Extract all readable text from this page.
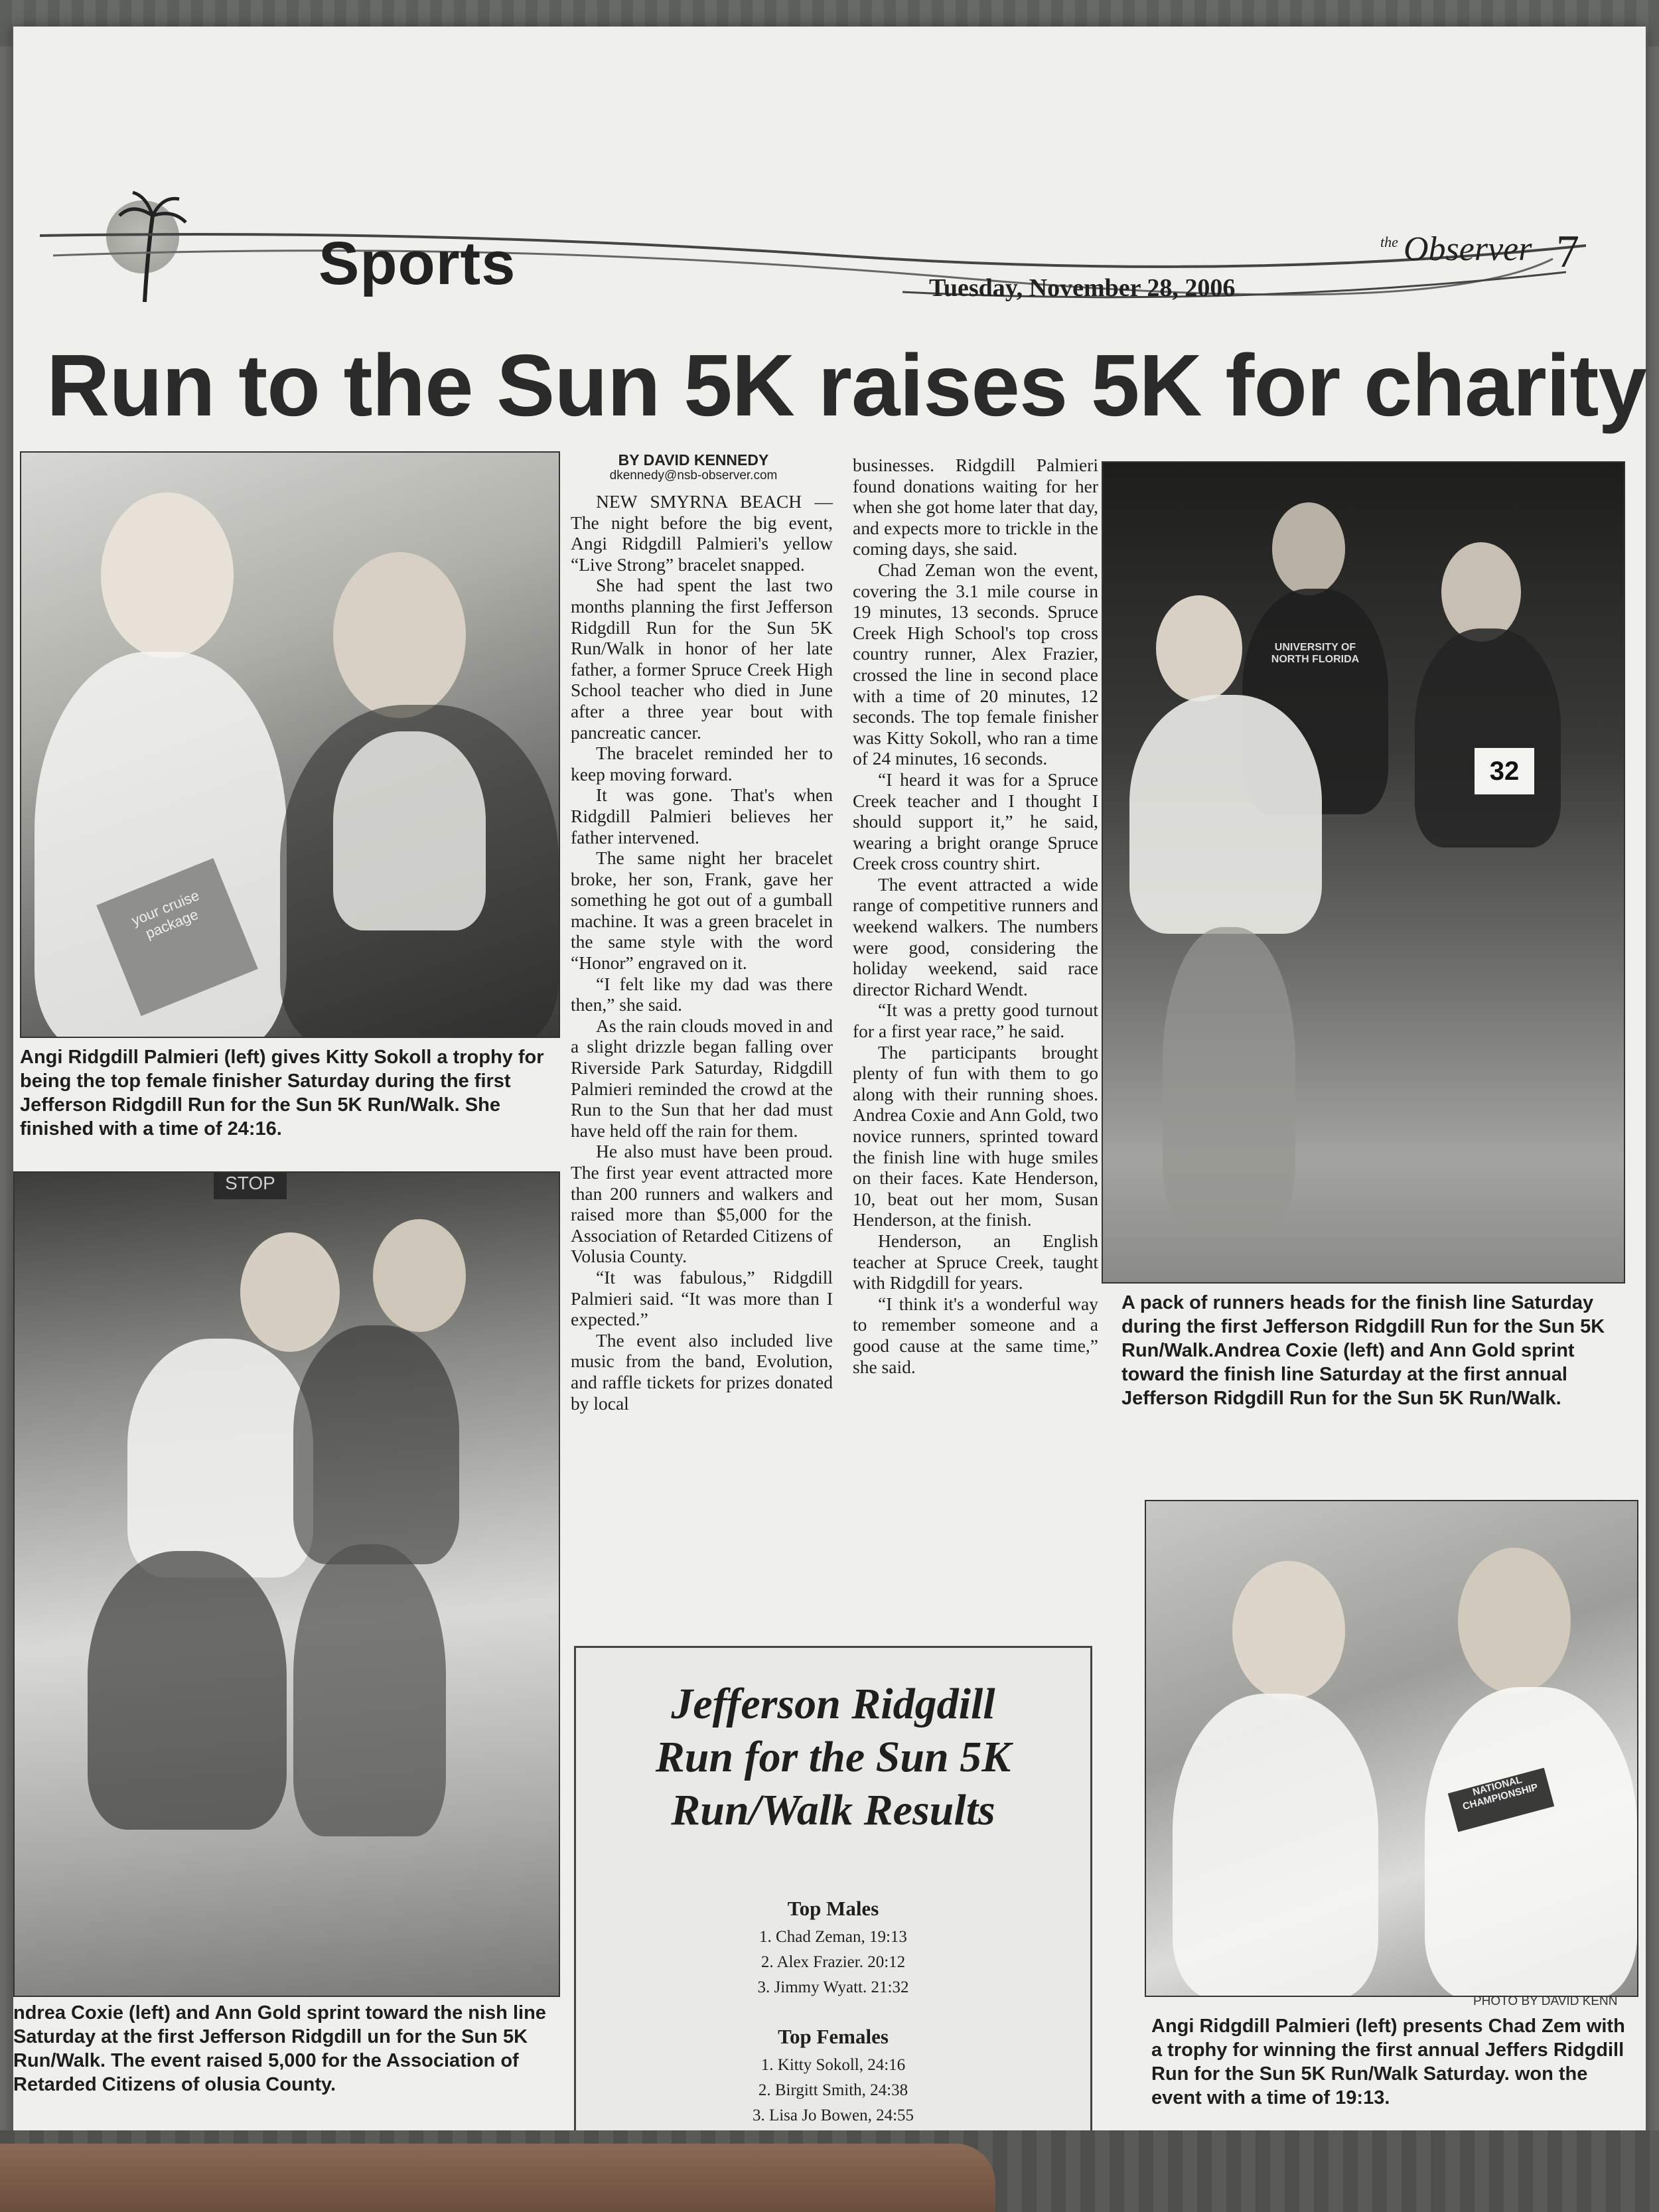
Sports	Tuesday, November 28, 2006
the Observer 7
Run to the Sun 5K raises 5K for charity
your cruise package
STOP
UNIVERSITY OF NORTH FLORIDA
32
NATIONAL CHAMPIONSHIP
Angi Ridgdill Palmieri (left) gives Kitty Sokoll a trophy for being the top female finisher Saturday during the first Jefferson Ridgdill Run for the Sun 5K Run/Walk. She finished with a time of 24:16.
ndrea Coxie (left) and Ann Gold sprint toward the nish line Saturday at the first Jefferson Ridgdill un for the Sun 5K Run/Walk. The event raised 5,000 for the Association of Retarded Citizens of olusia County.
A pack of runners heads for the finish line Saturday during the first Jefferson Ridgdill Run for the Sun 5K Run/Walk.Andrea Coxie (left) and Ann Gold sprint toward the finish line Saturday at the first annual Jefferson Ridgdill Run for the Sun 5K Run/Walk.
PHOTO BY DAVID KENN
Angi Ridgdill Palmieri (left) presents Chad Zem with a trophy for winning the first annual Jeffers Ridgdill Run for the Sun 5K Run/Walk Saturday. won the event with a time of 19:13.
BY DAVID KENNEDY
dkennedy@nsb-observer.com

NEW SMYRNA BEACH — The night before the big event, Angi Ridgdill Palmieri's yellow “Live Strong” bracelet snapped.

She had spent the last two months planning the first Jefferson Ridgdill Run for the Sun 5K Run/Walk in honor of her late father, a former Spruce Creek High School teacher who died in June after a three year bout with pancreatic cancer.

The bracelet reminded her to keep moving forward.

It was gone. That's when Ridgdill Palmieri believes her father intervened.

The same night her bracelet broke, her son, Frank, gave her something he got out of a gumball machine. It was a green bracelet in the same style with the word “Honor” engraved on it.

“I felt like my dad was there then,” she said.

As the rain clouds moved in and a slight drizzle began falling over Riverside Park Saturday, Ridgdill Palmieri reminded the crowd at the Run to the Sun that her dad must have held off the rain for them.

He also must have been proud. The first year event attracted more than 200 runners and walkers and raised more than $5,000 for the Association of Retarded Citizens of Volusia County.

“It was fabulous,” Ridgdill Palmieri said. “It was more than I expected.”

The event also included live music from the band, Evolution, and raffle tickets for prizes donated by local

businesses. Ridgdill Palmieri found donations waiting for her when she got home later that day, and expects more to trickle in the coming days, she said.

Chad Zeman won the event, covering the 3.1 mile course in 19 minutes, 13 seconds. Spruce Creek High School's top cross country runner, Alex Frazier, crossed the line in second place with a time of 20 minutes, 12 seconds. The top female finisher was Kitty Sokoll, who ran a time of 24 minutes, 16 seconds.

“I heard it was for a Spruce Creek teacher and I thought I should support it,” he said, wearing a bright orange Spruce Creek cross country shirt.

The event attracted a wide range of competitive runners and weekend walkers. The numbers were good, considering the holiday weekend, said race director Richard Wendt.

“It was a pretty good turnout for a first year race,” he said.

The participants brought plenty of fun with them to go along with their running shoes. Andrea Coxie and Ann Gold, two novice runners, sprinted toward the finish line with huge smiles on their faces. Kate Henderson, 10, beat out her mom, Susan Henderson, at the finish.

Henderson, an English teacher at Spruce Creek, taught with Ridgdill for years.

“I think it's a wonderful way to remember someone and a good cause at the same time,” she said.

Jefferson Ridgdill
Run for the Sun 5K
Run/Walk Results
Top Males
1. Chad Zeman, 19:13
2. Alex Frazier. 20:12
3. Jimmy Wyatt. 21:32
Top Females
1. Kitty Sokoll, 24:16
2. Birgitt Smith, 24:38
3. Lisa Jo Bowen, 24:55
